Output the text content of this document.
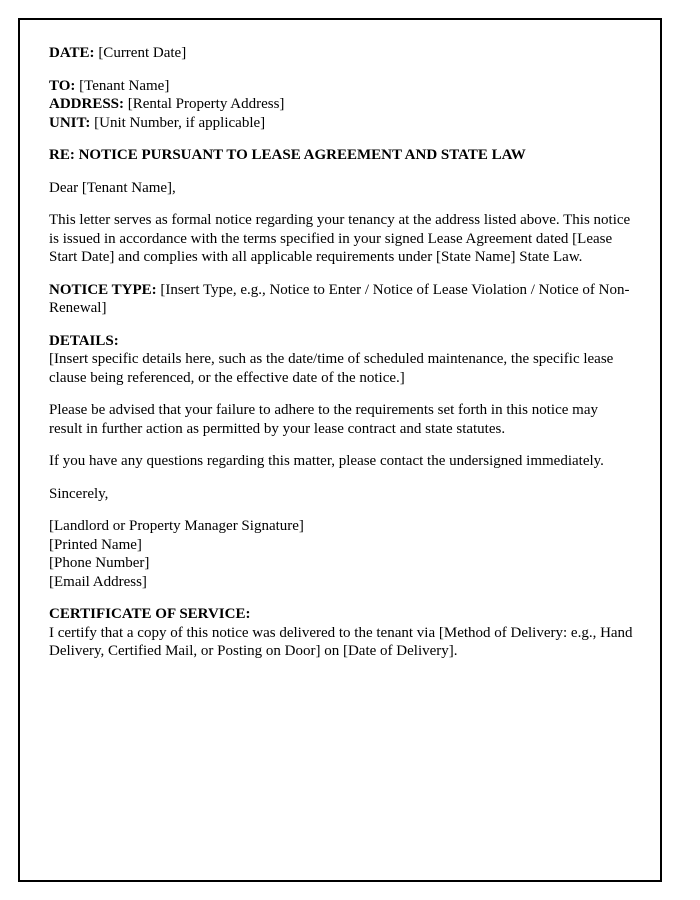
DATE: [Current Date]

TO: [Tenant Name]

ADDRESS: [Rental Property Address]

UNIT: [Unit Number, if applicable]

RE: NOTICE PURSUANT TO LEASE AGREEMENT AND STATE LAW

Dear [Tenant Name],

This letter serves as formal notice regarding your tenancy at the address listed above. This notice is issued in accordance with the terms specified in your signed Lease Agreement dated [Lease Start Date] and complies with all applicable requirements under [State Name] State Law.

NOTICE TYPE: [Insert Type, e.g., Notice to Enter / Notice of Lease Violation / Notice of Non-Renewal]

DETAILS:

[Insert specific details here, such as the date/time of scheduled maintenance, the specific lease clause being referenced, or the effective date of the notice.]

Please be advised that your failure to adhere to the requirements set forth in this notice may result in further action as permitted by your lease contract and state statutes.

If you have any questions regarding this matter, please contact the undersigned immediately.

Sincerely,

[Landlord or Property Manager Signature]

[Printed Name]

[Phone Number]

[Email Address]

CERTIFICATE OF SERVICE:

I certify that a copy of this notice was delivered to the tenant via [Method of Delivery: e.g., Hand Delivery, Certified Mail, or Posting on Door] on [Date of Delivery].
